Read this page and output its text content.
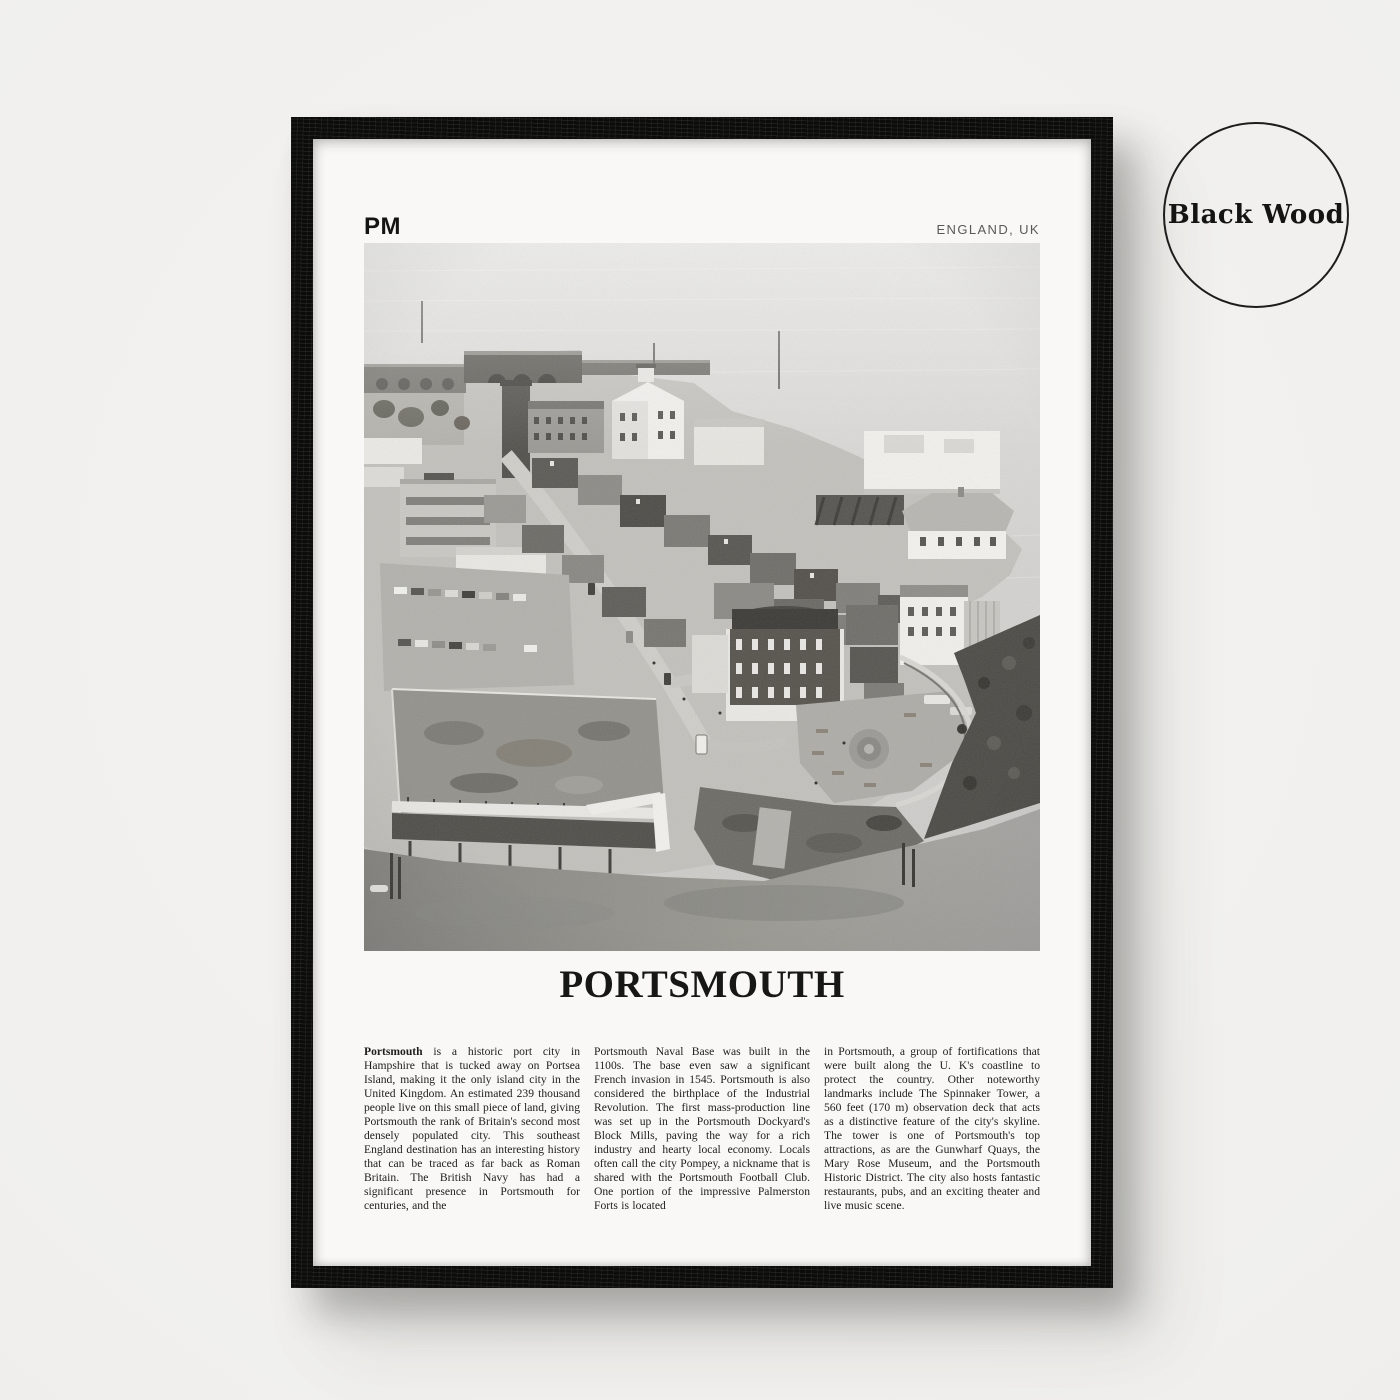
PM	ENGLAND, UK
PORTSMOUTH

Portsmouth is a historic port city in Hampshire that is tucked away on Portsea Island, making it the only island city in the United Kingdom. An estimated 239 thousand people live on this small piece of land, giving Portsmouth the rank of Britain's second most densely populated city. This southeast England destination has an interesting history that can be traced as far back as Roman Britain. The British Navy has had a significant presence in Portsmouth for centuries, and the

Portsmouth Naval Base was built in the 1100s. The base even saw a significant French invasion in 1545. Portsmouth is also considered the birthplace of the Industrial Revolution. The first mass-production line was set up in the Portsmouth Dockyard's Block Mills, paving the way for a rich industry and hearty local economy. Locals often call the city Pompey, a nickname that is shared with the Portsmouth Football Club. One portion of the impressive Palmerston Forts is located

in Portsmouth, a group of fortifications that were built along the U. K's coastline to protect the country. Other noteworthy landmarks include The Spinnaker Tower, a 560 feet (170 m) observation deck that acts as a distinctive feature of the city's skyline. The tower is one of Portsmouth's top attractions, as are the Gunwharf Quays, the Mary Rose Museum, and the Portsmouth Historic District. The city also hosts fantastic restaurants, pubs, and an exciting theater and live music scene.

Black Wood
